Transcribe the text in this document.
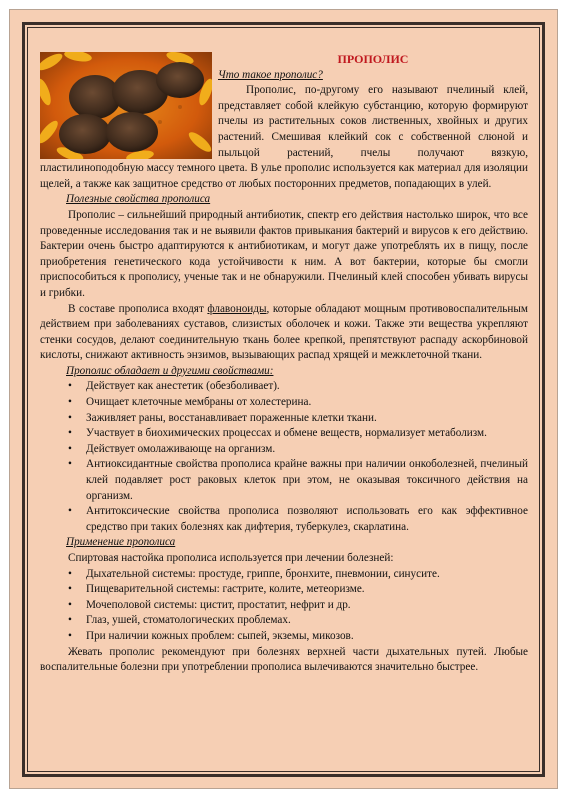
ПРОПОЛИС

Что такое прополис?

Прополис, по-другому его называют пчелиный клей, представляет собой клейкую субстанцию, которую формируют пчелы из растительных соков лиственных, хвойных и других растений. Смешивая клейкий сок с собственной слюной и пыльцой растений, пчелы получают вязкую, пластилиноподобную массу темного цвета. В улье прополис используется как материал для изоляции щелей, а также как защитное средство от любых посторонних предметов, попадающих в улей.

Полезные свойства прополиса

Прополис – сильнейший природный антибиотик, спектр его действия настолько широк, что все проведенные исследования так и не выявили фактов привыкания бактерий и вирусов к его действию. Бактерии очень быстро адаптируются к антибиотикам, и могут даже употреблять их в пищу, после приобретения генетического кода устойчивости к ним. А вот бактерии, которые бы смогли приспособиться к прополису, ученые так и не обнаружили. Пчелиный клей способен убивать вирусы и грибки.

В составе прополиса входят флавоноиды, которые обладают мощным противовоспалительным действием при заболеваниях суставов, слизистых оболочек и кожи. Также эти вещества укрепляют стенки сосудов, делают соединительную ткань более крепкой, препятствуют распаду аскорбиновой кислоты, снижают активность энзимов, вызывающих распад хрящей и межклеточной ткани.

Прополис обладает и другими свойствами:

• Действует как анестетик (обезболивает).
• Очищает клеточные мембраны от холестерина.
• Заживляет раны, восстанавливает пораженные клетки ткани.
• Участвует в биохимических процессах и обмене веществ, нормализует метаболизм.
• Действует омолаживающе на организм.
• Антиоксидантные свойства прополиса крайне важны при наличии онкоболезней, пчелиный клей подавляет рост раковых клеток при этом, не оказывая токсичного действия на организм.
• Антитоксические свойства прополиса позволяют использовать его как эффективное средство при таких болезнях как дифтерия, туберкулез, скарлатина.

Применение прополиса

Спиртовая настойка прополиса используется при лечении болезней:

• Дыхательной системы: простуде, гриппе, бронхите, пневмонии, синусите.
• Пищеварительной системы: гастрите, колите, метеоризме.
• Мочеполовой системы: цистит, простатит, нефрит и др.
• Глаз, ушей, стоматологических проблемах.
• При наличии кожных проблем: сыпей, экземы, микозов.

Жевать прополис рекомендуют при болезнях верхней части дыхательных путей. Любые воспалительные болезни при употреблении прополиса вылечиваются значительно быстрее.
